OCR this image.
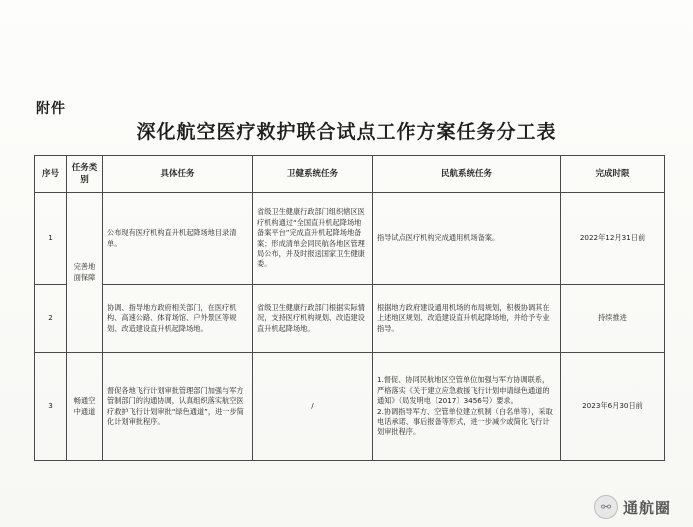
附件
深化航空医疗救护联合试点工作方案任务分工表
序号	任务类别	具体任务	卫健系统任务	民航系统任务	完成时限
1	完善地面保障	公布现有医疗机构直升机起降场地目录清单。	省级卫生健康行政部门组织辖区医疗机构通过“全国直升机起降场地备案平台”完成直升机起降场地备案；形成清单会同民航各地区管理局公布，并及时报送国家卫生健康委。	指导试点医疗机构完成通用机场备案。	2022年12月31日前
2		协调、指导地方政府相关部门，在医疗机构、高速公路、体育场馆、户外景区等规划、改造建设直升机起降场地。	省级卫生健康行政部门根据实际情况，支持医疗机构规划、改造建设直升机起降场地。	根据地方政府建设通用机场的布局规划，积极协调其在上述地区规划、改造建设直升机起降场地，并给予专业指导。	持续推进
3	畅通空中通道	督促各地飞行计划审批管理部门加强与军方管制部门的沟通协调，认真组织落实航空医疗救护飞行计划审批“绿色通道”，进一步简化计划审批程序。	/	1.督促、协同民航地区空管单位加强与军方协调联系，严格落实《关于建立应急救援飞行计划申请绿色通道的通知》（局发明电〔2017〕3456号）要求。
2.协调指导军方、空管单位建立机制（白名单等），采取电话承诺、事后报备等形式，进一步减少或简化飞行计划审批程序。	2023年6月30日前
⚯ 通航圈
